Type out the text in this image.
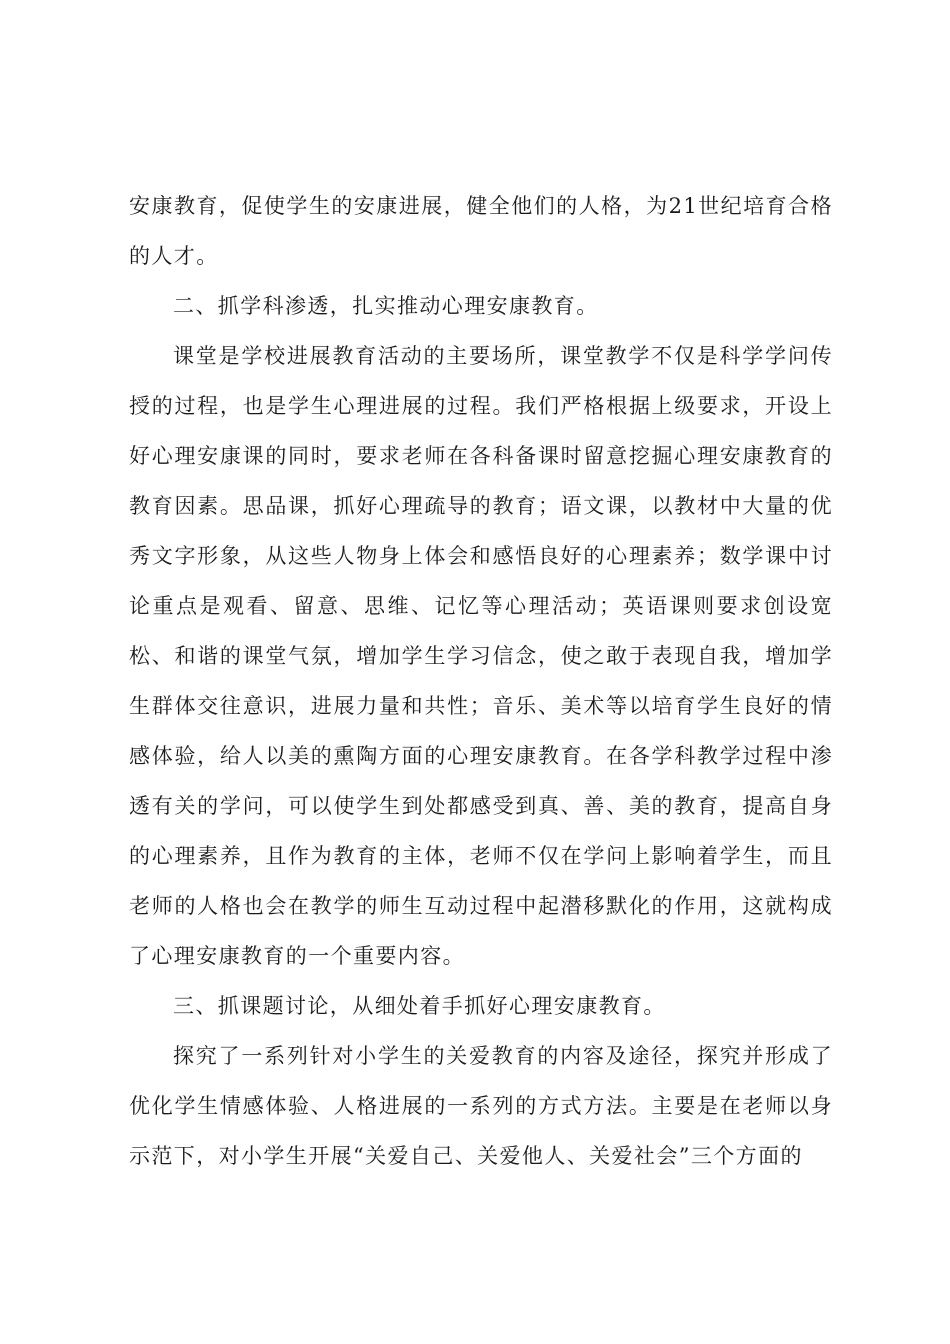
安康教育，促使学生的安康进展，健全他们的人格，为21世纪培育合格的人才。

二、抓学科渗透，扎实推动心理安康教育。

课堂是学校进展教育活动的主要场所，课堂教学不仅是科学学问传授的过程，也是学生心理进展的过程。我们严格根据上级要求，开设上好心理安康课的同时，要求老师在各科备课时留意挖掘心理安康教育的教育因素。思品课，抓好心理疏导的教育；语文课，以教材中大量的优秀文字形象，从这些人物身上体会和感悟良好的心理素养；数学课中讨论重点是观看、留意、思维、记忆等心理活动；英语课则要求创设宽松、和谐的课堂气氛，增加学生学习信念，使之敢于表现自我，增加学生群体交往意识，进展力量和共性；音乐、美术等以培育学生良好的情感体验，给人以美的熏陶方面的心理安康教育。在各学科教学过程中渗透有关的学问，可以使学生到处都感受到真、善、美的教育，提高自身的心理素养，且作为教育的主体，老师不仅在学问上影响着学生，而且老师的人格也会在教学的师生互动过程中起潜移默化的作用，这就构成了心理安康教育的一个重要内容。

三、抓课题讨论，从细处着手抓好心理安康教育。

探究了一系列针对小学生的关爱教育的内容及途径，探究并形成了优化学生情感体验、人格进展的一系列的方式方法。主要是在老师以身示范下，对小学生开展“关爱自己、关爱他人、关爱社会”三个方面的
